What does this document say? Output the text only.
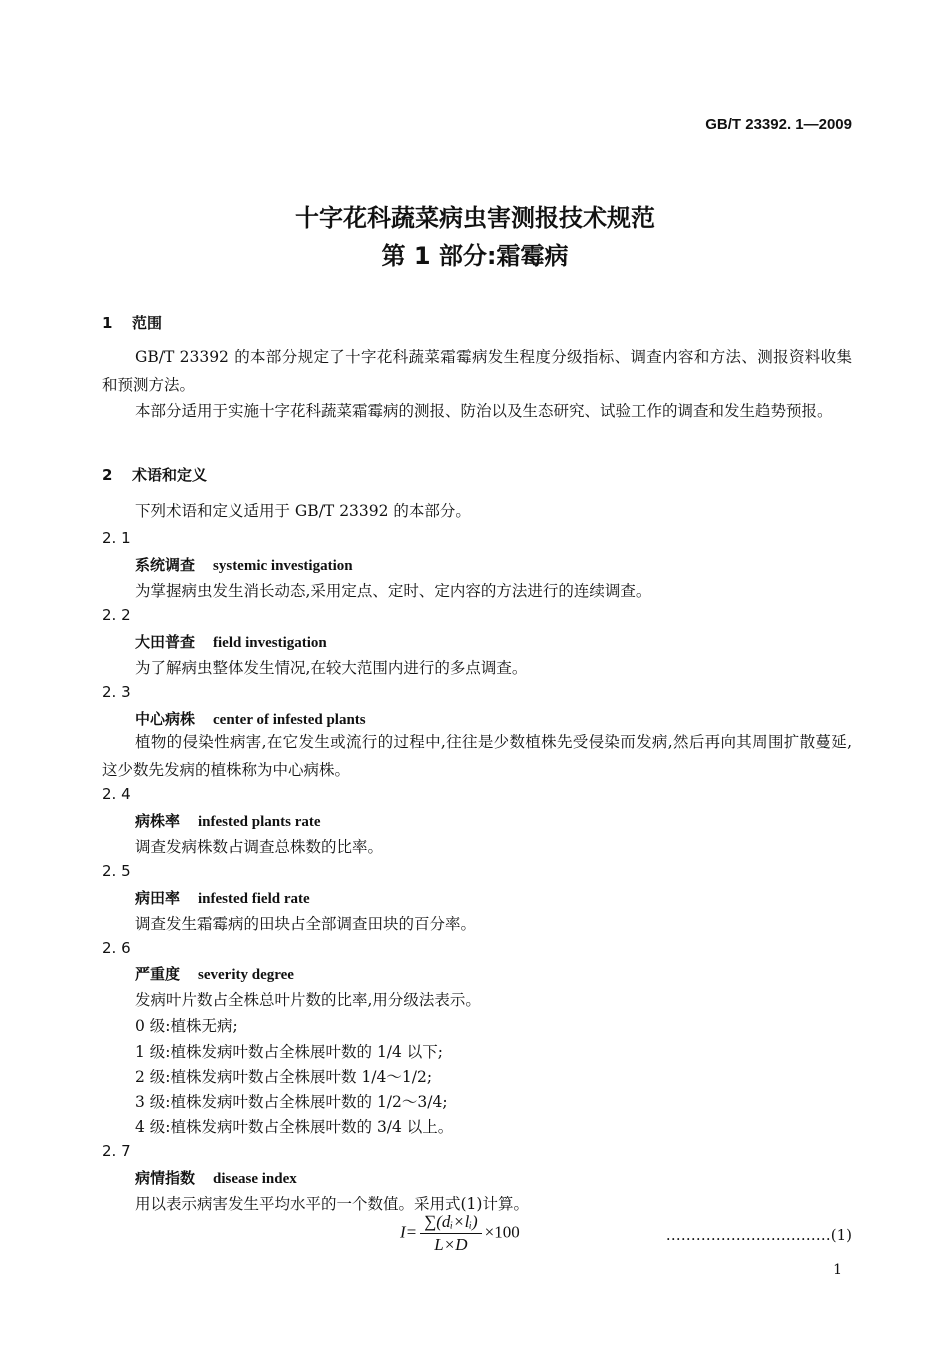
GB/T 23392. 1—2009
十字花科蔬菜病虫害测报技术规范
第 1 部分:霜霉病
1 范围
GB/T 23392 的本部分规定了十字花科蔬菜霜霉病发生程度分级指标、调查内容和方法、测报资料收集和预测方法。
本部分适用于实施十字花科蔬菜霜霉病的测报、防治以及生态研究、试验工作的调查和发生趋势预报。
2 术语和定义
下列术语和定义适用于 GB/T 23392 的本部分。
2. 1
系统调查 systemic investigation
为掌握病虫发生消长动态,采用定点、定时、定内容的方法进行的连续调查。
2. 2
大田普查 field investigation
为了解病虫整体发生情况,在较大范围内进行的多点调查。
2. 3
中心病株 center of infested plants
植物的侵染性病害,在它发生或流行的过程中,往往是少数植株先受侵染而发病,然后再向其周围扩散蔓延,这少数先发病的植株称为中心病株。
2. 4
病株率 infested plants rate
调查发病株数占调查总株数的比率。
2. 5
病田率 infested field rate
调查发生霜霉病的田块占全部调查田块的百分率。
2. 6
严重度 severity degree
发病叶片数占全株总叶片数的比率,用分级法表示。
0 级:植株无病;
1 级:植株发病叶数占全株展叶数的 1/4 以下;
2 级:植株发病叶数占全株展叶数 1/4～1/2;
3 级:植株发病叶数占全株展叶数的 1/2～3/4;
4 级:植株发病叶数占全株展叶数的 3/4 以上。
2. 7
病情指数 disease index
用以表示病害发生平均水平的一个数值。采用式(1)计算。
$I= \frac{\text{∑(dᵢ×lᵢ)}}{L\times D} \times 100$	……………………………(1)
1
